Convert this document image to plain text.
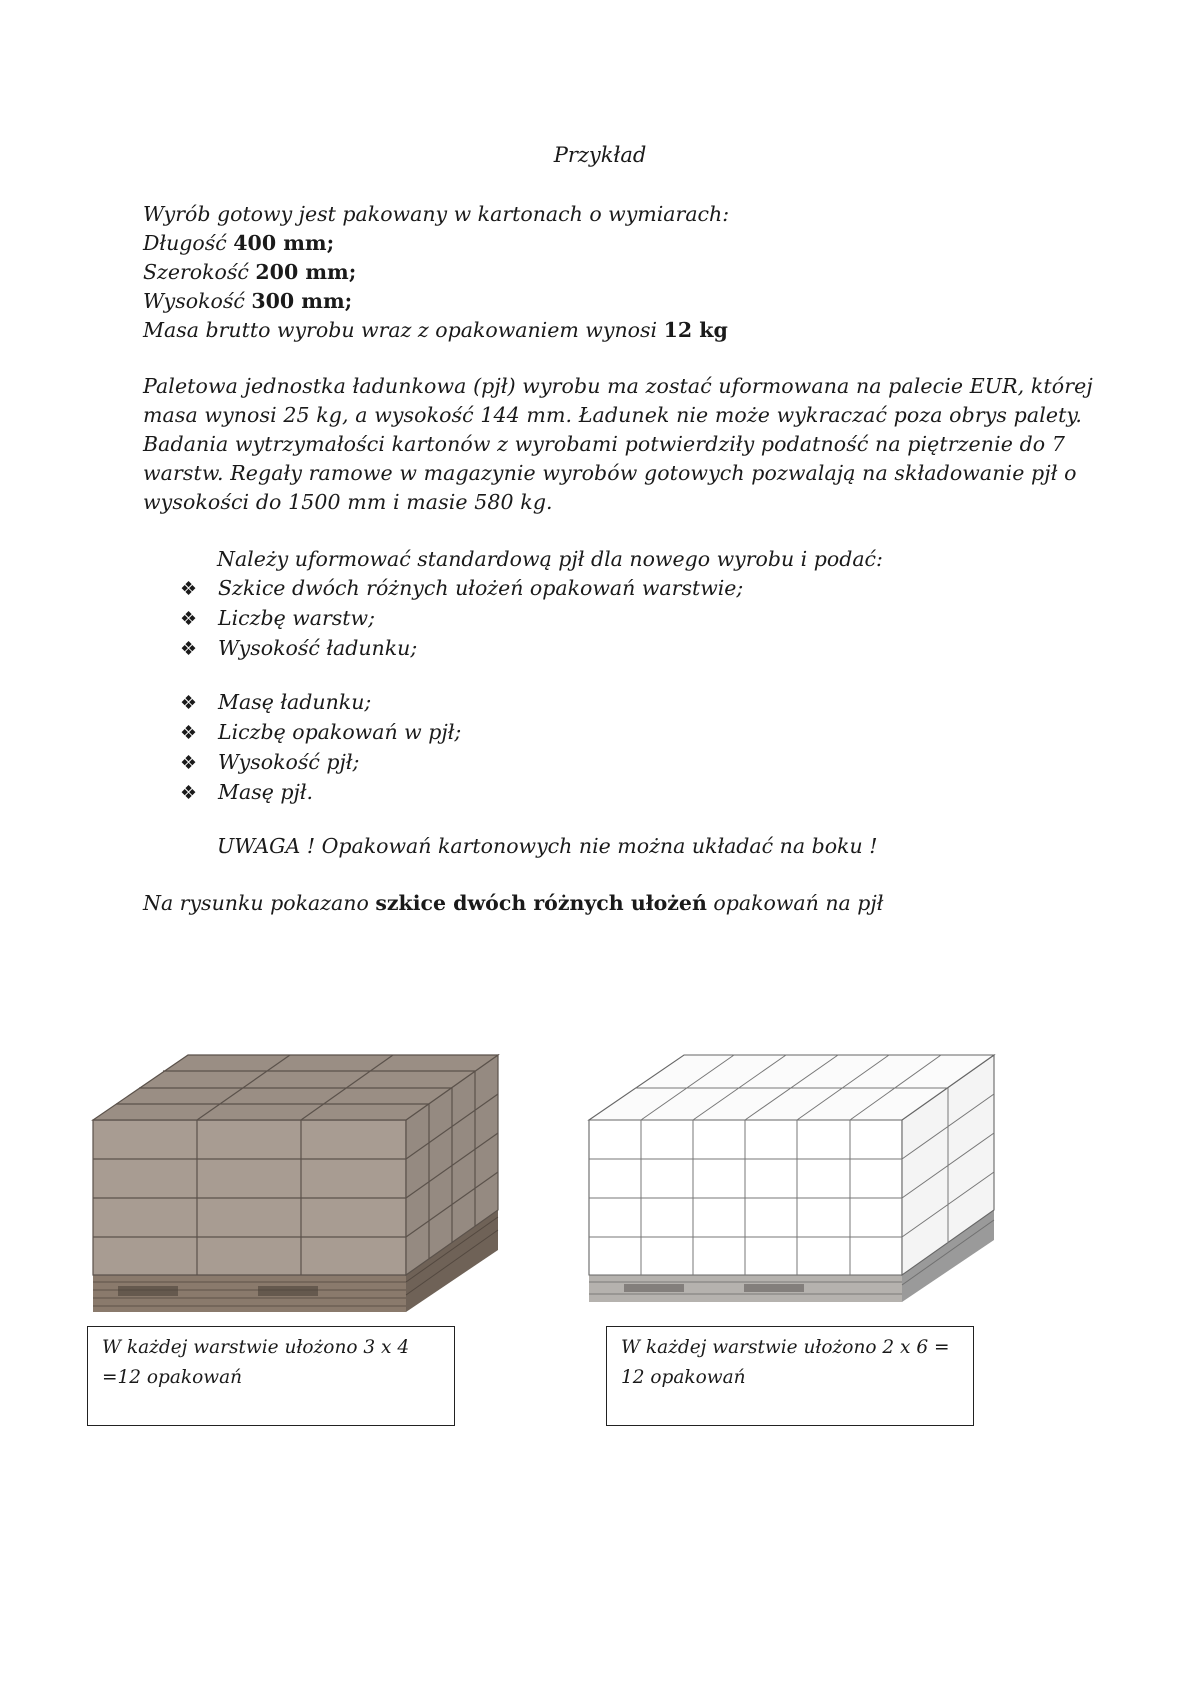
Przykład
Wyrób gotowy jest pakowany w kartonach o wymiarach:
Długość 400 mm;
Szerokość 200 mm;
Wysokość 300 mm;
Masa brutto wyrobu wraz z opakowaniem wynosi 12 kg
Paletowa jednostka ładunkowa (pjł) wyrobu ma zostać uformowana na palecie EUR, której
masa wynosi 25 kg, a wysokość 144 mm. Ładunek nie może wykraczać poza obrys palety.
Badania wytrzymałości kartonów z wyrobami potwierdziły podatność na piętrzenie do 7
warstw. Regały ramowe w magazynie wyrobów gotowych pozwalają na składowanie pjł o
wysokości do 1500 mm i masie 580 kg.
Należy uformować standardową pjł dla nowego wyrobu i podać:
❖ Szkice dwóch różnych ułożeń opakowań warstwie;
❖ Liczbę warstw;
❖ Wysokość ładunku;
❖ Masę ładunku;
❖ Liczbę opakowań w pjł;
❖ Wysokość pjł;
❖ Masę pjł.
UWAGA ! Opakowań kartonowych nie można układać na boku !
Na rysunku pokazano szkice dwóch różnych ułożeń opakowań na pjł
W każdej warstwie ułożono 3 x 4
=12 opakowań
W każdej warstwie ułożono 2 x 6 =
12 opakowań
